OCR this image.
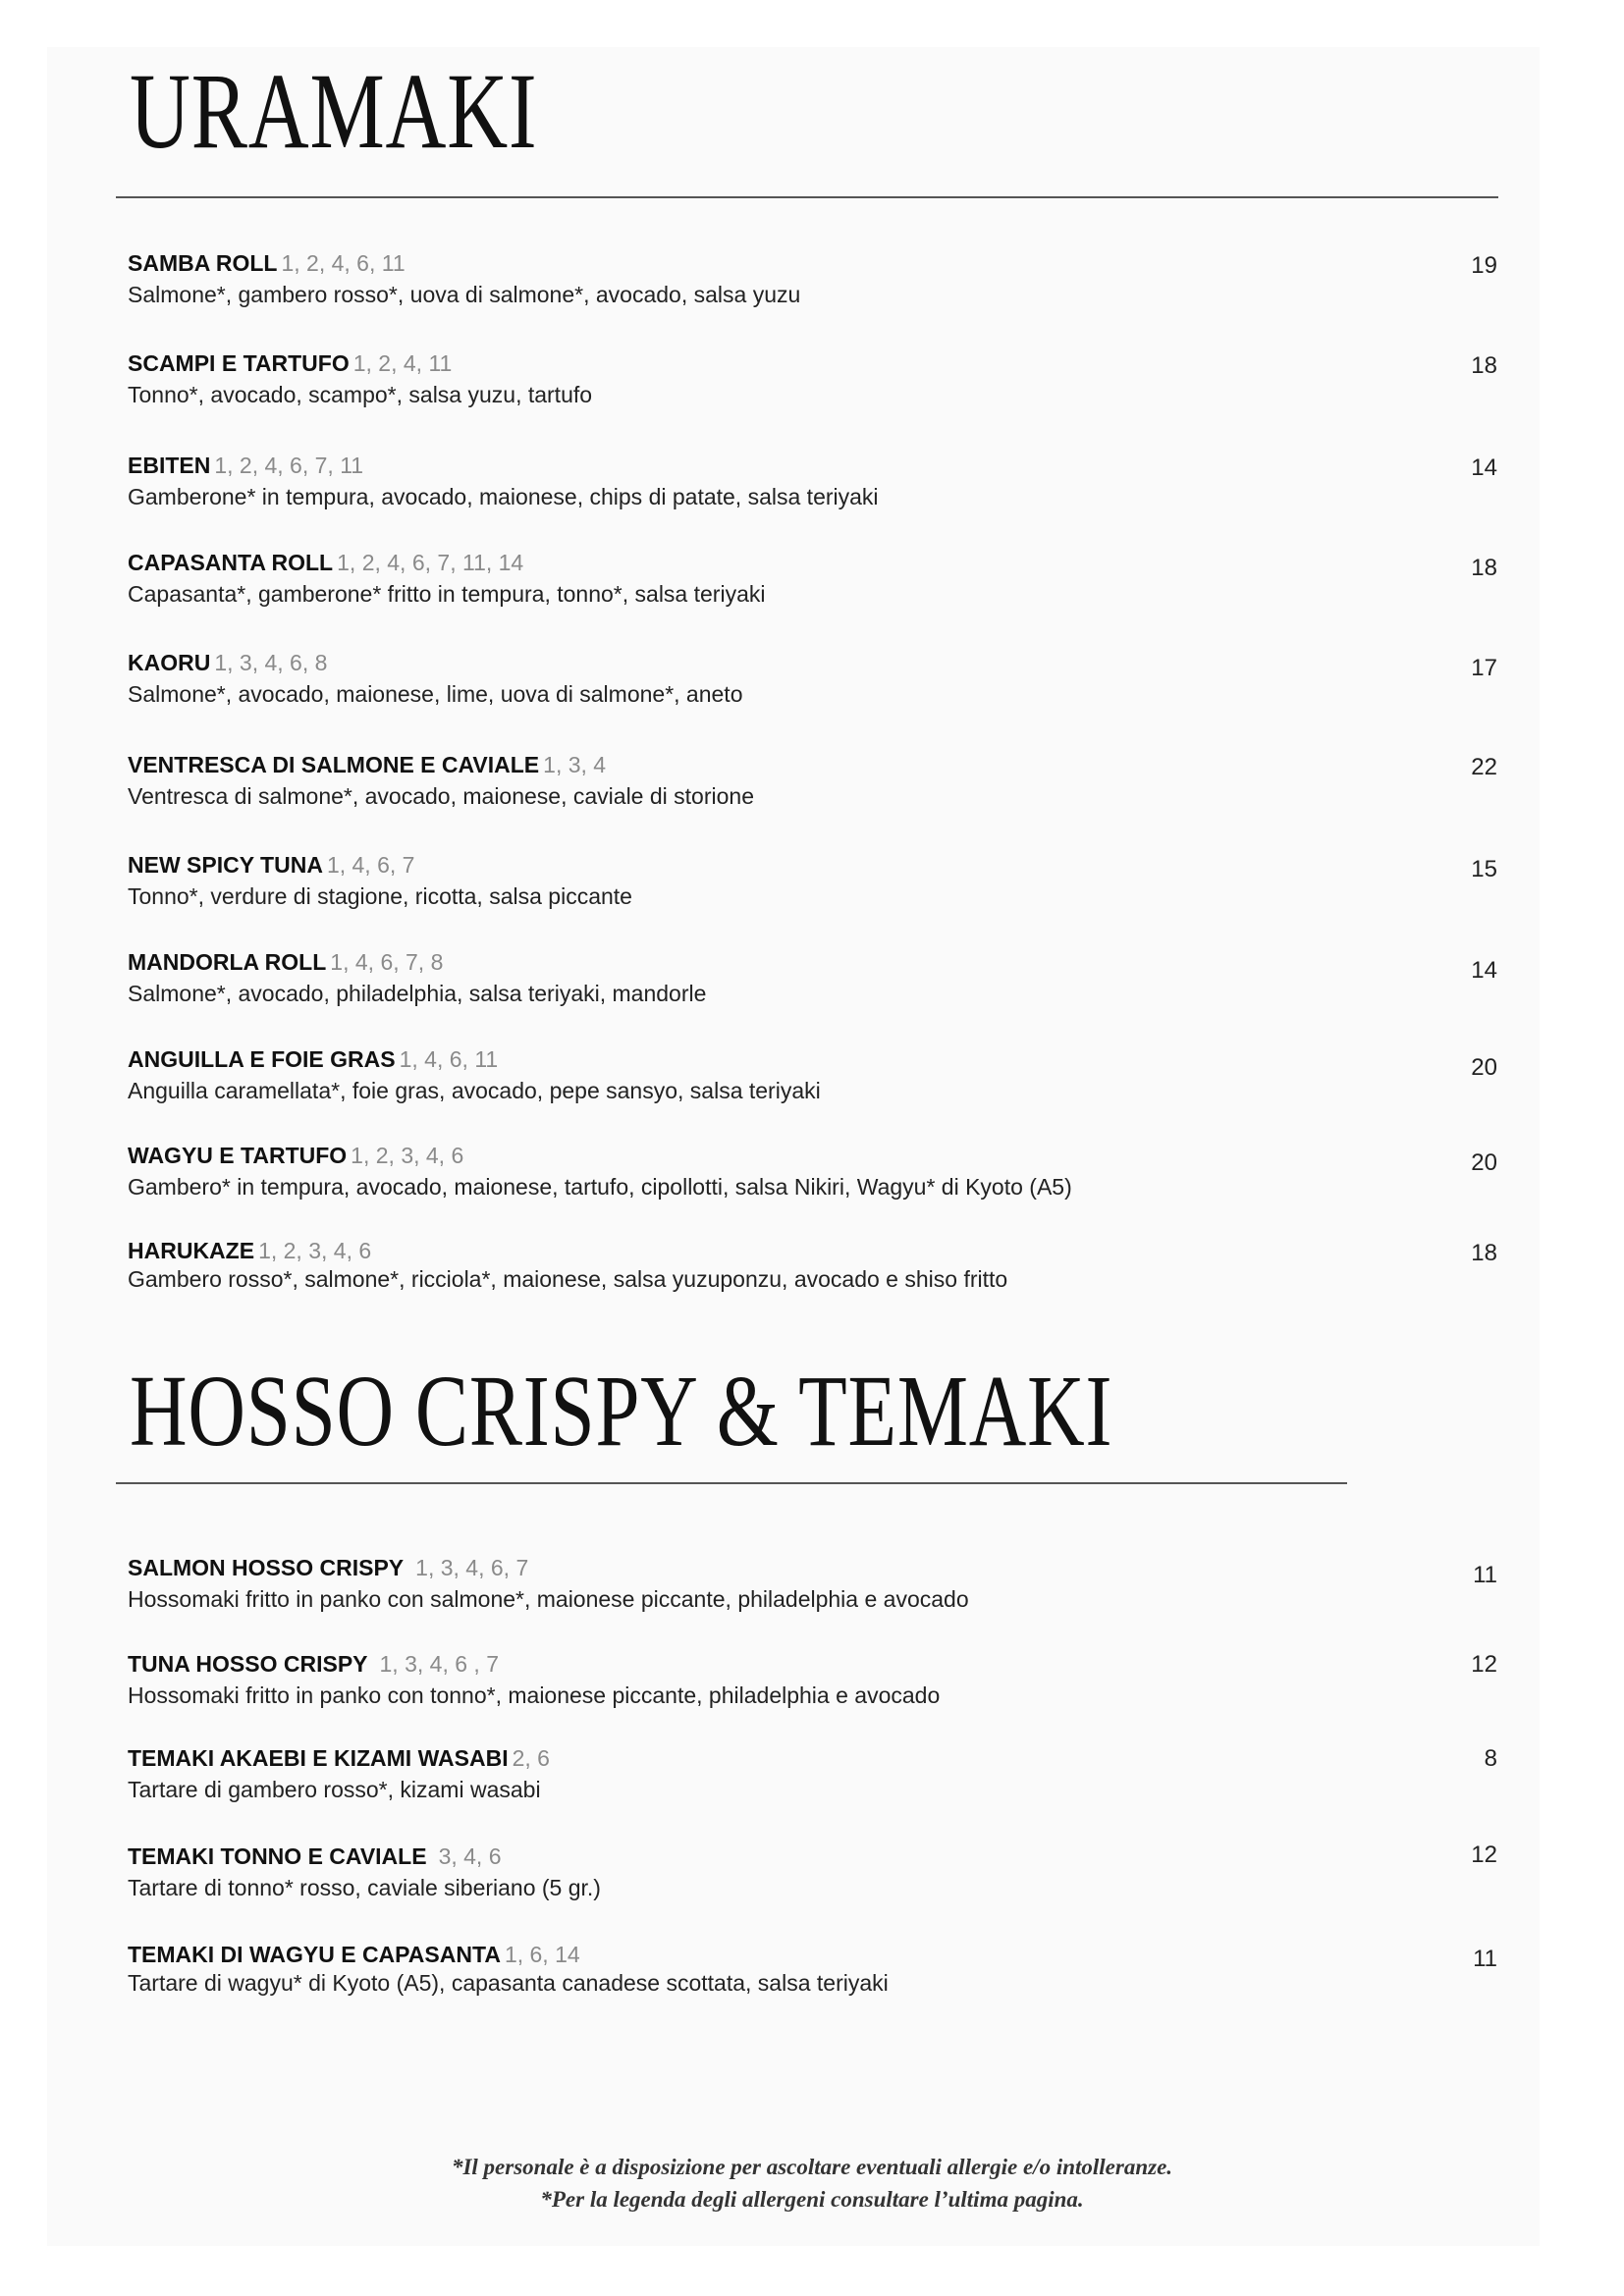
URAMAKI
SAMBA ROLL 1, 2, 4, 6, 11
Salmone*, gambero rosso*, uova di salmone*, avocado, salsa yuzu
19
SCAMPI E TARTUFO 1, 2, 4, 11
Tonno*, avocado, scampo*, salsa yuzu, tartufo
18
EBITEN 1, 2, 4, 6, 7, 11
Gamberone* in tempura, avocado, maionese, chips di patate, salsa teriyaki
14
CAPASANTA ROLL 1, 2, 4, 6, 7, 11, 14
Capasanta*, gamberone* fritto in tempura, tonno*, salsa teriyaki
18
KAORU 1, 3, 4, 6, 8
Salmone*, avocado, maionese, lime, uova di salmone*, aneto
17
VENTRESCA DI SALMONE E CAVIALE 1, 3, 4
Ventresca di salmone*, avocado, maionese, caviale di storione
22
NEW SPICY TUNA 1, 4, 6, 7
Tonno*, verdure di stagione, ricotta, salsa piccante
15
MANDORLA ROLL 1, 4, 6, 7, 8
Salmone*, avocado, philadelphia, salsa teriyaki, mandorle
14
ANGUILLA E FOIE GRAS 1, 4, 6, 11
Anguilla caramellata*, foie gras, avocado, pepe sansyo, salsa teriyaki
20
WAGYU E TARTUFO 1, 2, 3, 4, 6
Gambero* in tempura, avocado, maionese, tartufo, cipollotti, salsa Nikiri, Wagyu* di Kyoto (A5)
20
HARUKAZE 1, 2, 3, 4, 6
Gambero rosso*, salmone*, ricciola*, maionese, salsa yuzuponzu, avocado e shiso fritto
18
HOSSO CRISPY & TEMAKI
SALMON HOSSO CRISPY 1, 3, 4, 6, 7
Hossomaki fritto in panko con salmone*, maionese piccante, philadelphia e avocado
11
TUNA HOSSO CRISPY 1, 3, 4, 6 , 7
Hossomaki fritto in panko con tonno*, maionese piccante, philadelphia e avocado
12
TEMAKI AKAEBI E KIZAMI WASABI 2, 6
Tartare di gambero rosso*, kizami wasabi
8
TEMAKI TONNO E CAVIALE 3, 4, 6
Tartare di tonno* rosso, caviale siberiano (5 gr.)
12
TEMAKI DI WAGYU E CAPASANTA 1, 6, 14
Tartare di wagyu* di Kyoto (A5), capasanta canadese scottata, salsa teriyaki
11
*Il personale è a disposizione per ascoltare eventuali allergie e/o intolleranze.
*Per la legenda degli allergeni consultare l’ultima pagina.
